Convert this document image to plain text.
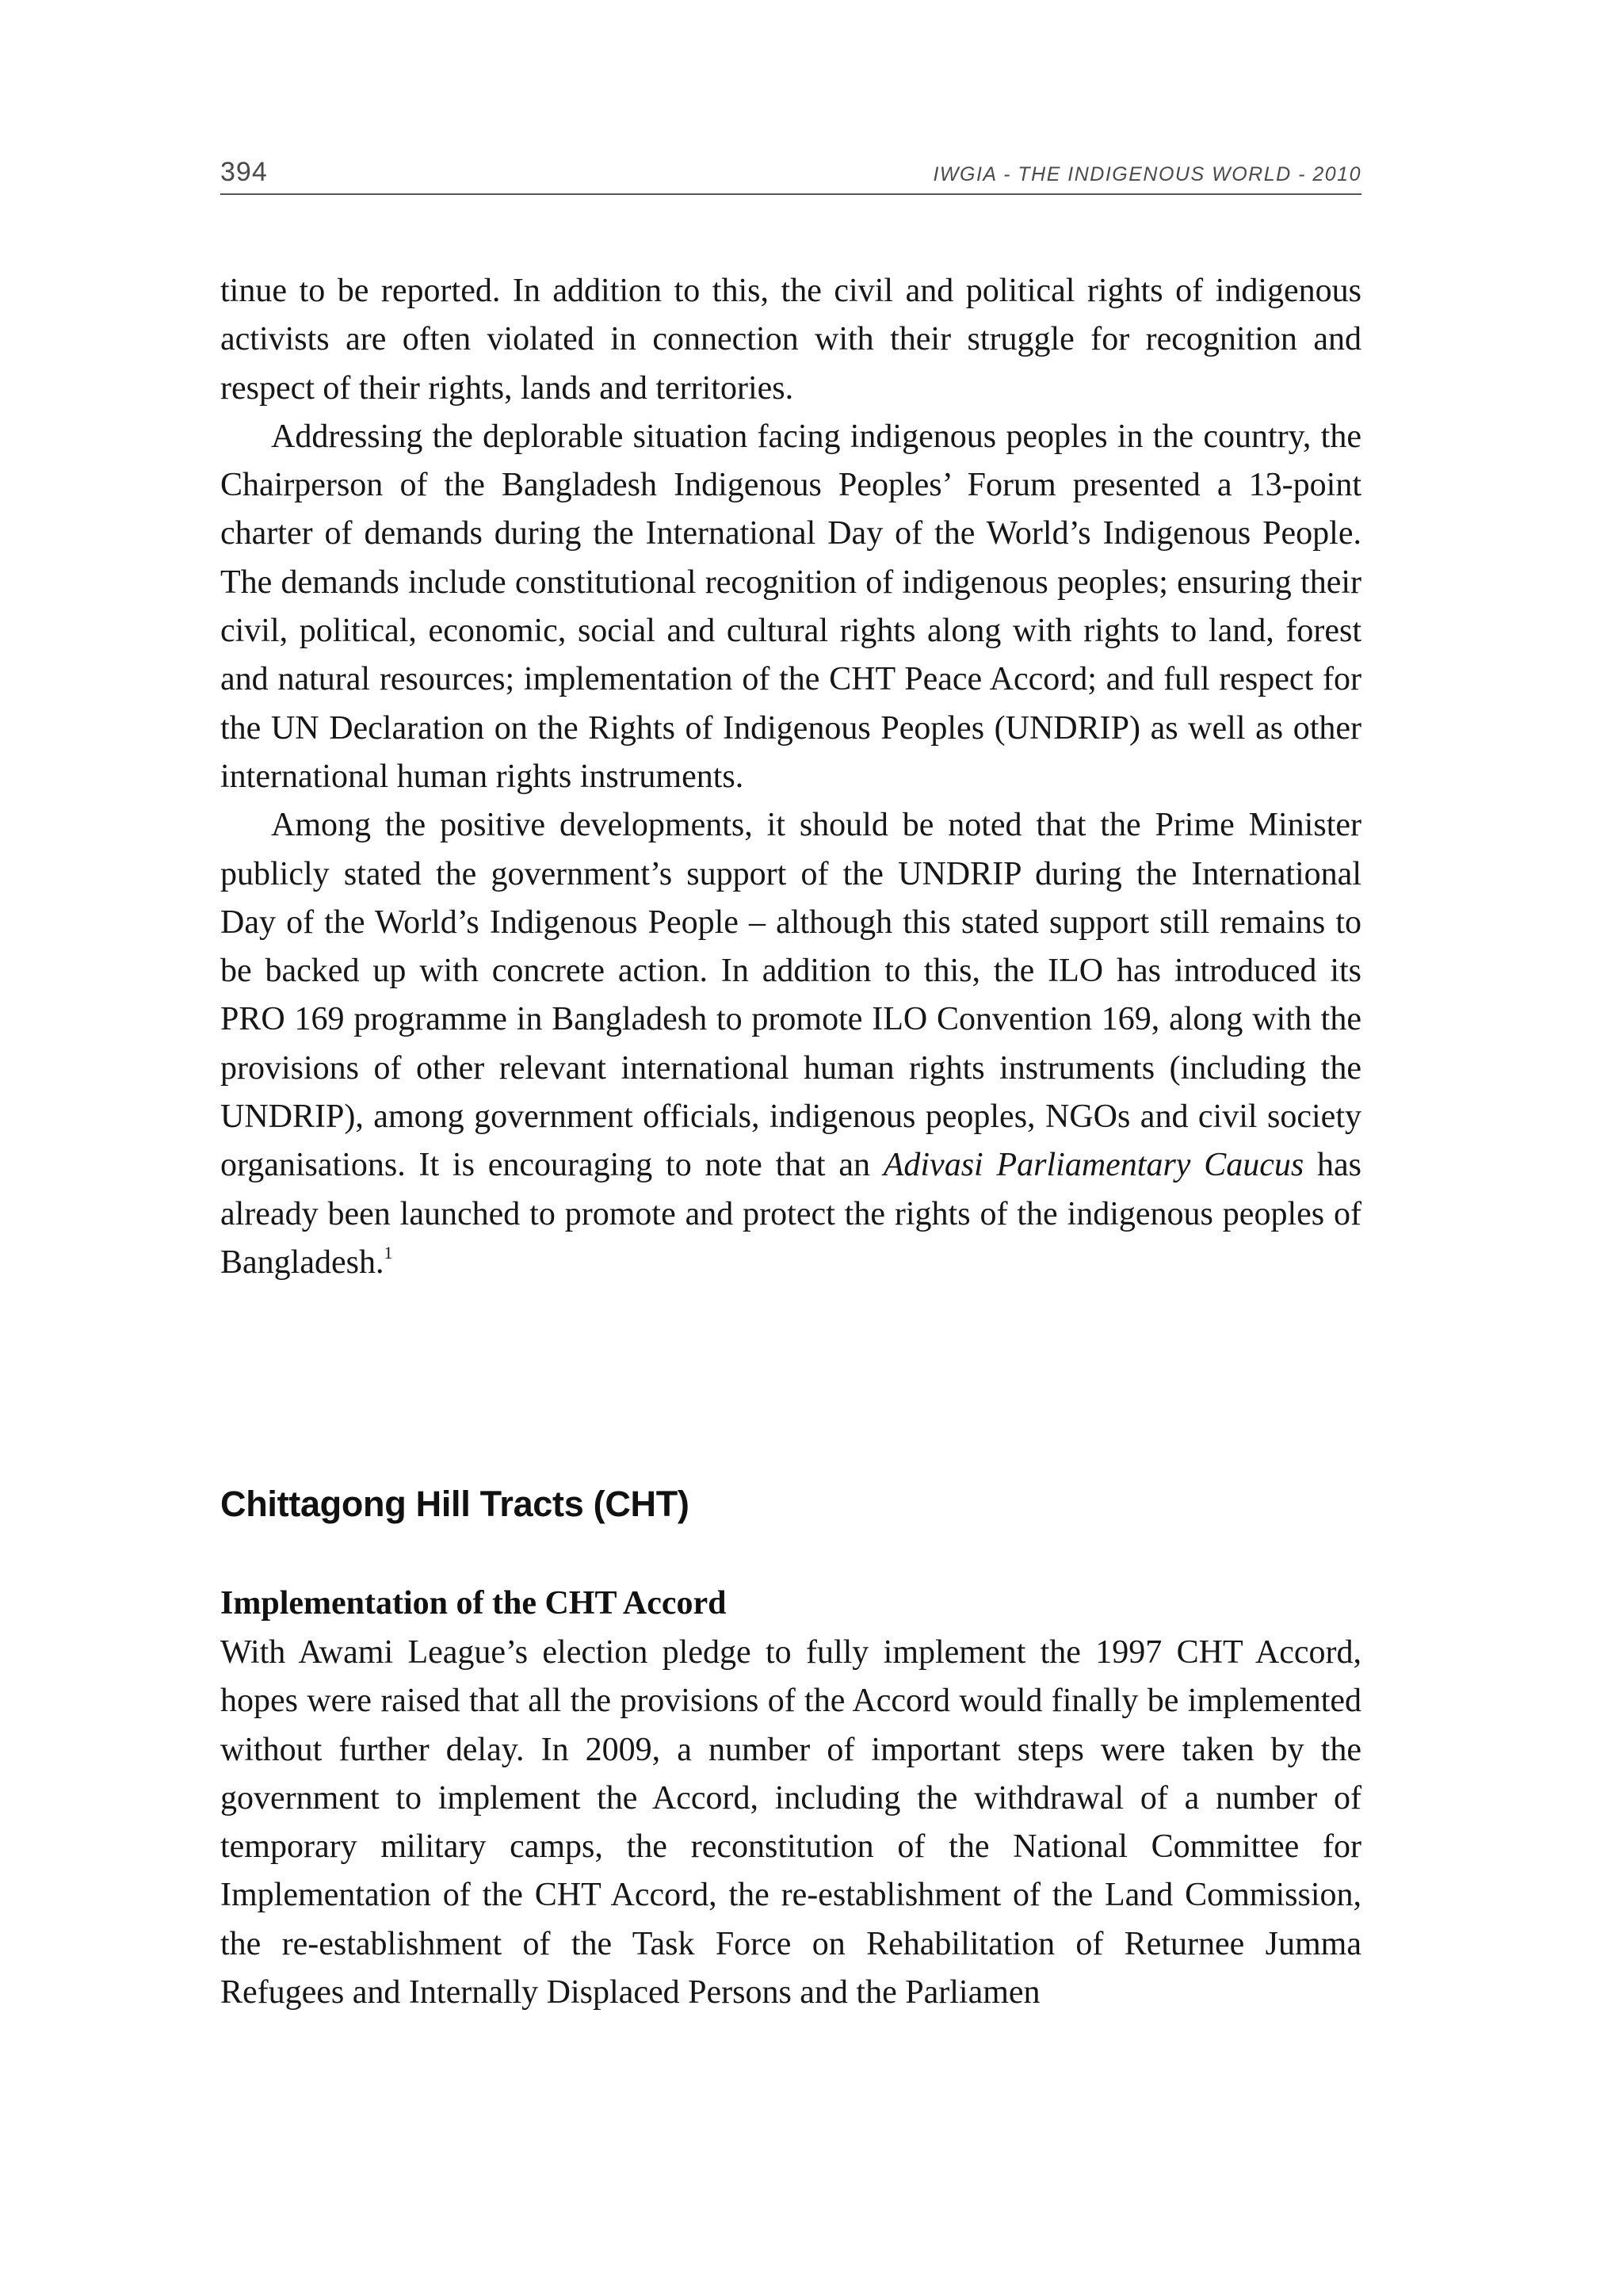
394	IWGIA - THE INDIGENOUS WORLD - 2010

tinue to be reported. In addition to this, the civil and political rights of indigenous activists are often violated in connection with their struggle for recognition and respect of their rights, lands and territories.

Addressing the deplorable situation facing indigenous peoples in the country, the Chairperson of the Bangladesh Indigenous Peoples’ Forum presented a 13-point charter of demands during the International Day of the World’s Indigenous People. The demands include constitutional recognition of indigenous peoples; ensuring their civil, political, economic, social and cultural rights along with rights to land, forest and natural resources; implementation of the CHT Peace Accord; and full respect for the UN Declaration on the Rights of Indigenous Peoples (UNDRIP) as well as other international human rights instruments.

Among the positive developments, it should be noted that the Prime Minister publicly stated the government’s support of the UNDRIP during the International Day of the World’s Indigenous People – although this stated support still remains to be backed up with concrete action. In addition to this, the ILO has introduced its PRO 169 programme in Bangladesh to promote ILO Convention 169, along with the provisions of other relevant international human rights instruments (including the UNDRIP), among government officials, indigenous peoples, NGOs and civil society organisations. It is encouraging to note that an Adivasi Parliamentary Caucus has already been launched to promote and protect the rights of the indigenous peoples of Bangladesh.$^1$

Chittagong Hill Tracts (CHT)
Implementation of the CHT Accord

With Awami League’s election pledge to fully implement the 1997 CHT Accord, hopes were raised that all the provisions of the Accord would finally be implemented without further delay. In 2009, a number of important steps were taken by the government to implement the Accord, including the withdrawal of a number of temporary military camps, the reconstitution of the National Committee for Implementation of the CHT Accord, the re-establishment of the Land Commission, the re-establishment of the Task Force on Rehabilitation of Returnee Jumma Refugees and Internally Displaced Persons and the Parliamen
